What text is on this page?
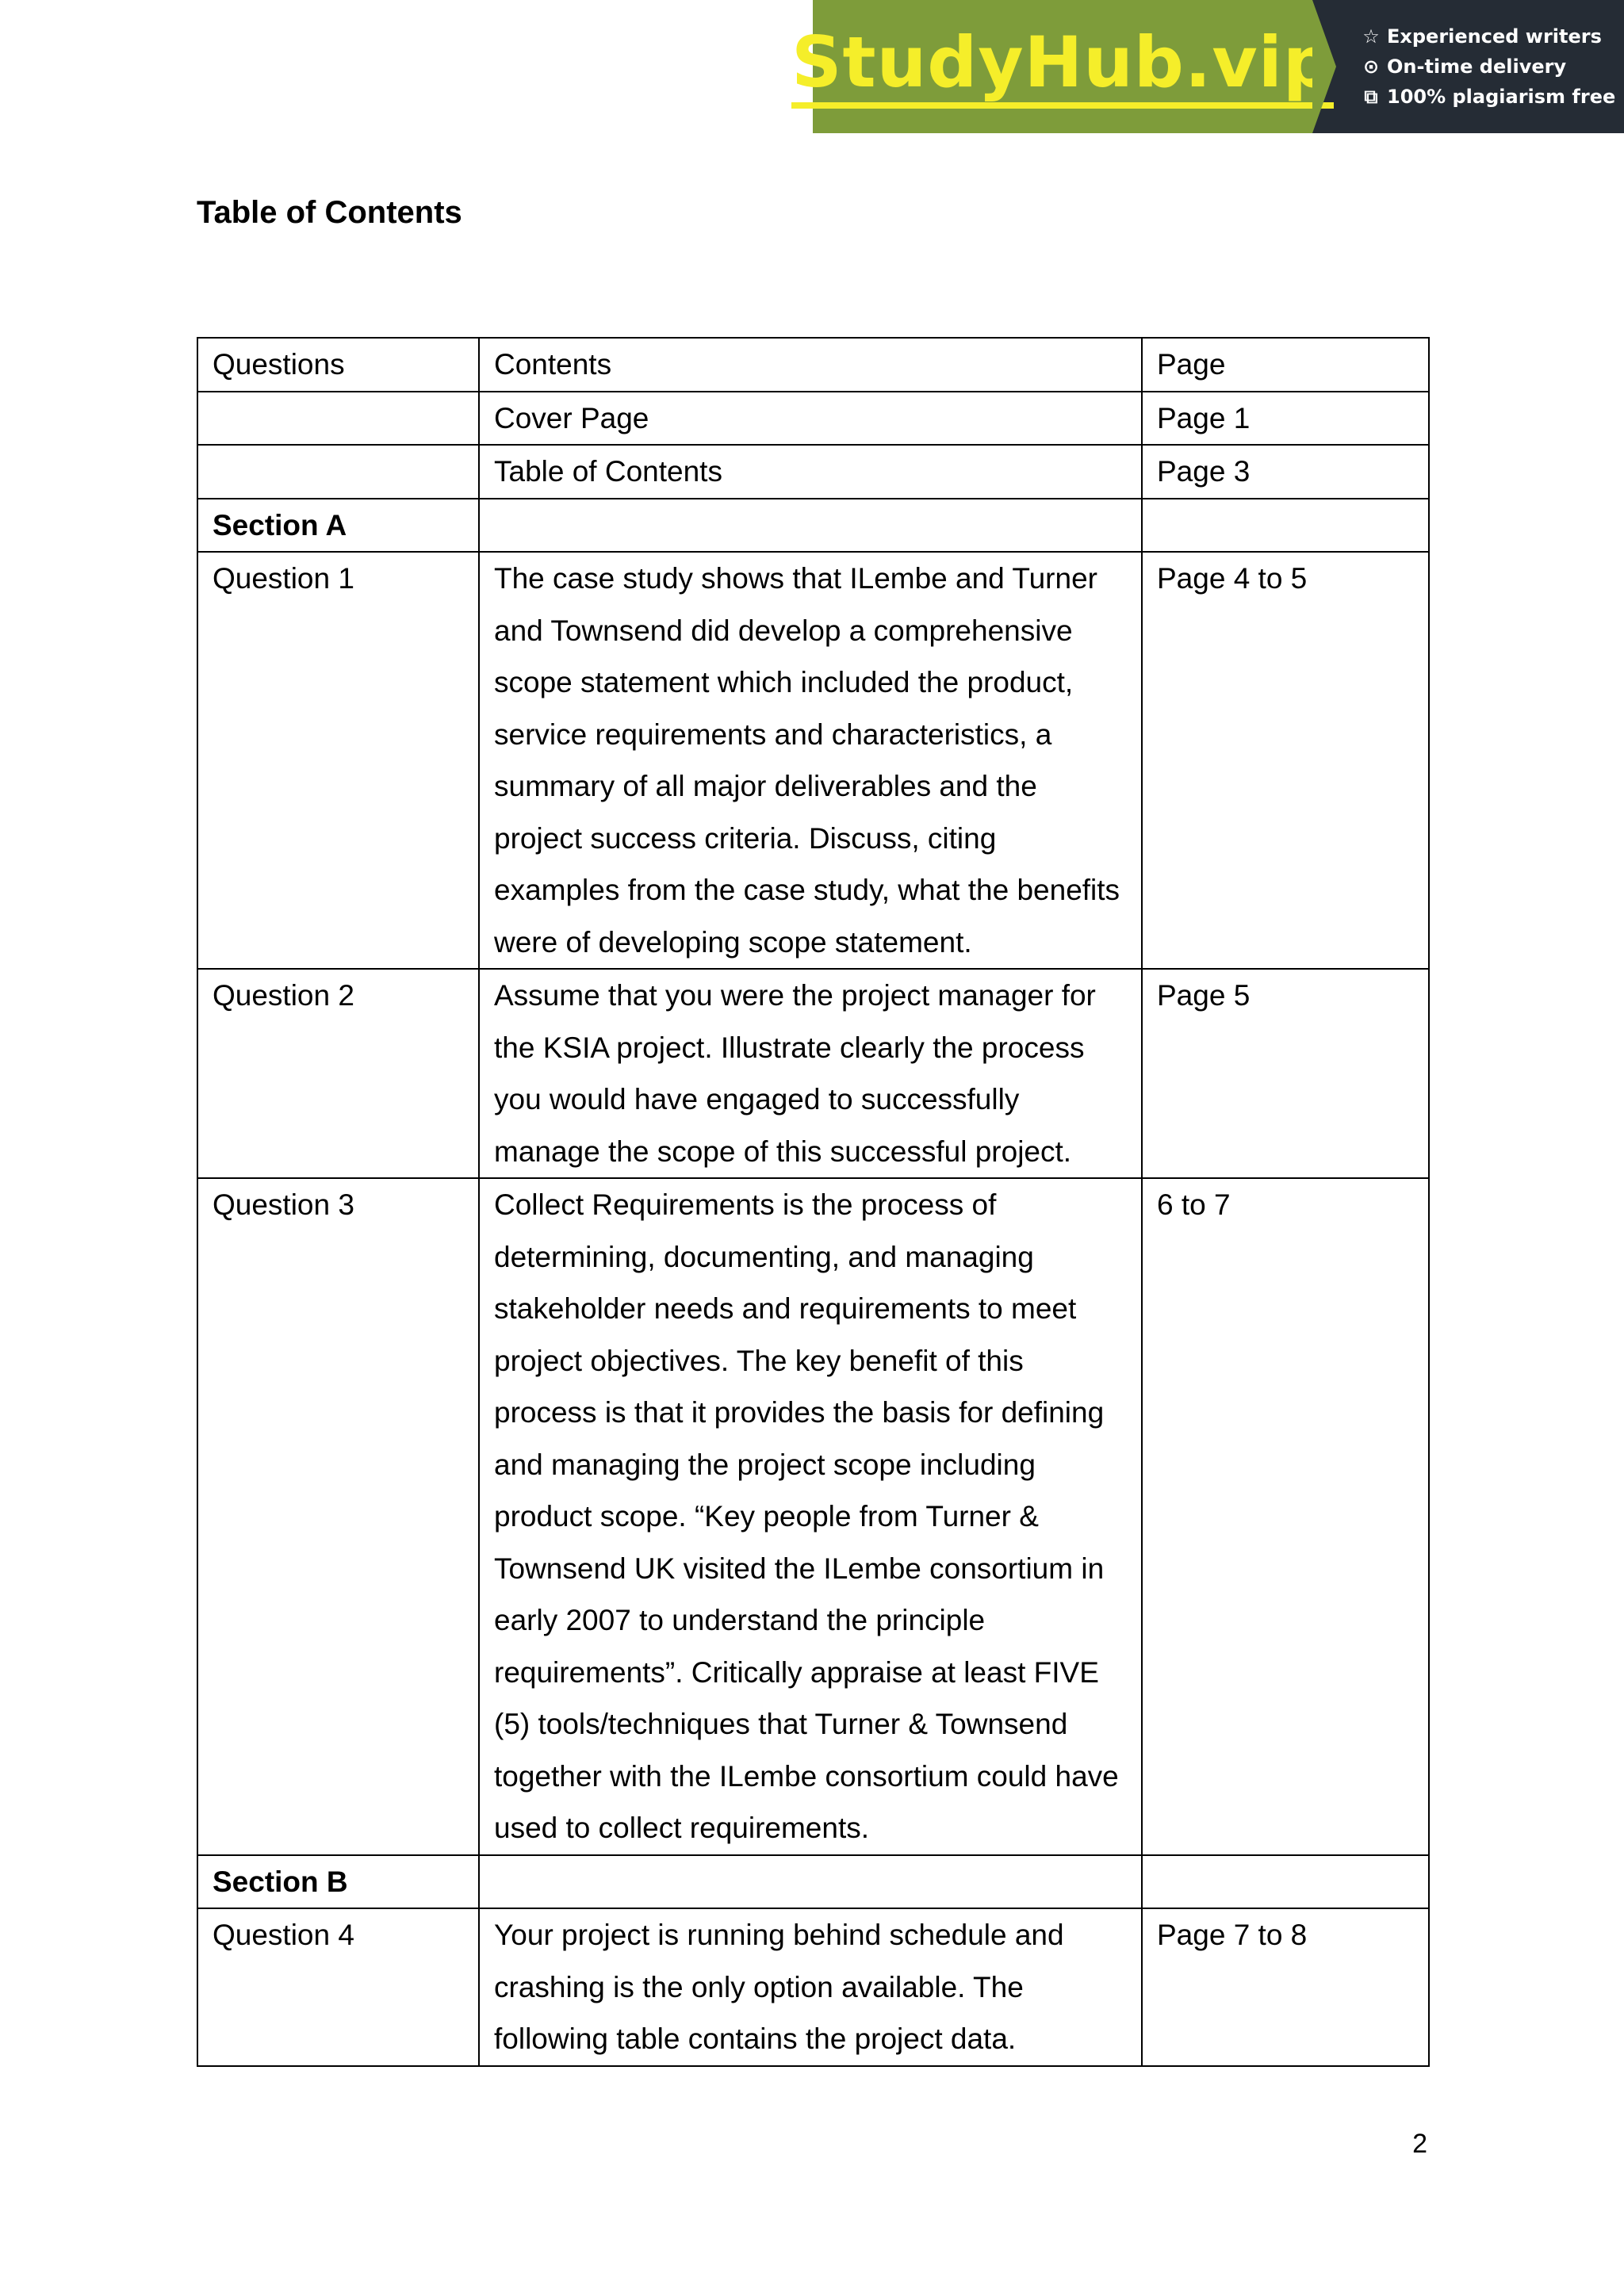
StudyHub.vip ☆ Experienced writers
⊙ On-time delivery
⧉ 100% plagiarism free
Table of Contents
Questions	Contents	Page
	Cover Page	Page 1
	Table of Contents	Page 3
Section A		
Question 1	The case study shows that ILembe and Turner and Townsend did develop a comprehensive scope statement which included the product, service requirements and characteristics, a summary of all major deliverables and the project success criteria. Discuss, citing examples from the case study, what the benefits were of developing scope statement.	Page 4 to 5
Question 2	Assume that you were the project manager for the KSIA project. Illustrate clearly the process you would have engaged to successfully manage the scope of this successful project.	Page 5
Question 3	Collect Requirements is the process of determining, documenting, and managing stakeholder needs and requirements to meet project objectives. The key benefit of this process is that it provides the basis for defining and managing the project scope including product scope. “Key people from Turner & Townsend UK visited the ILembe consortium in early 2007 to understand the principle requirements”. Critically appraise at least FIVE (5) tools/techniques that Turner & Townsend together with the ILembe consortium could have used to collect requirements.	6 to 7
Section B		
Question 4	Your project is running behind schedule and crashing is the only option available. The following table contains the project data.	Page 7 to 8
2
